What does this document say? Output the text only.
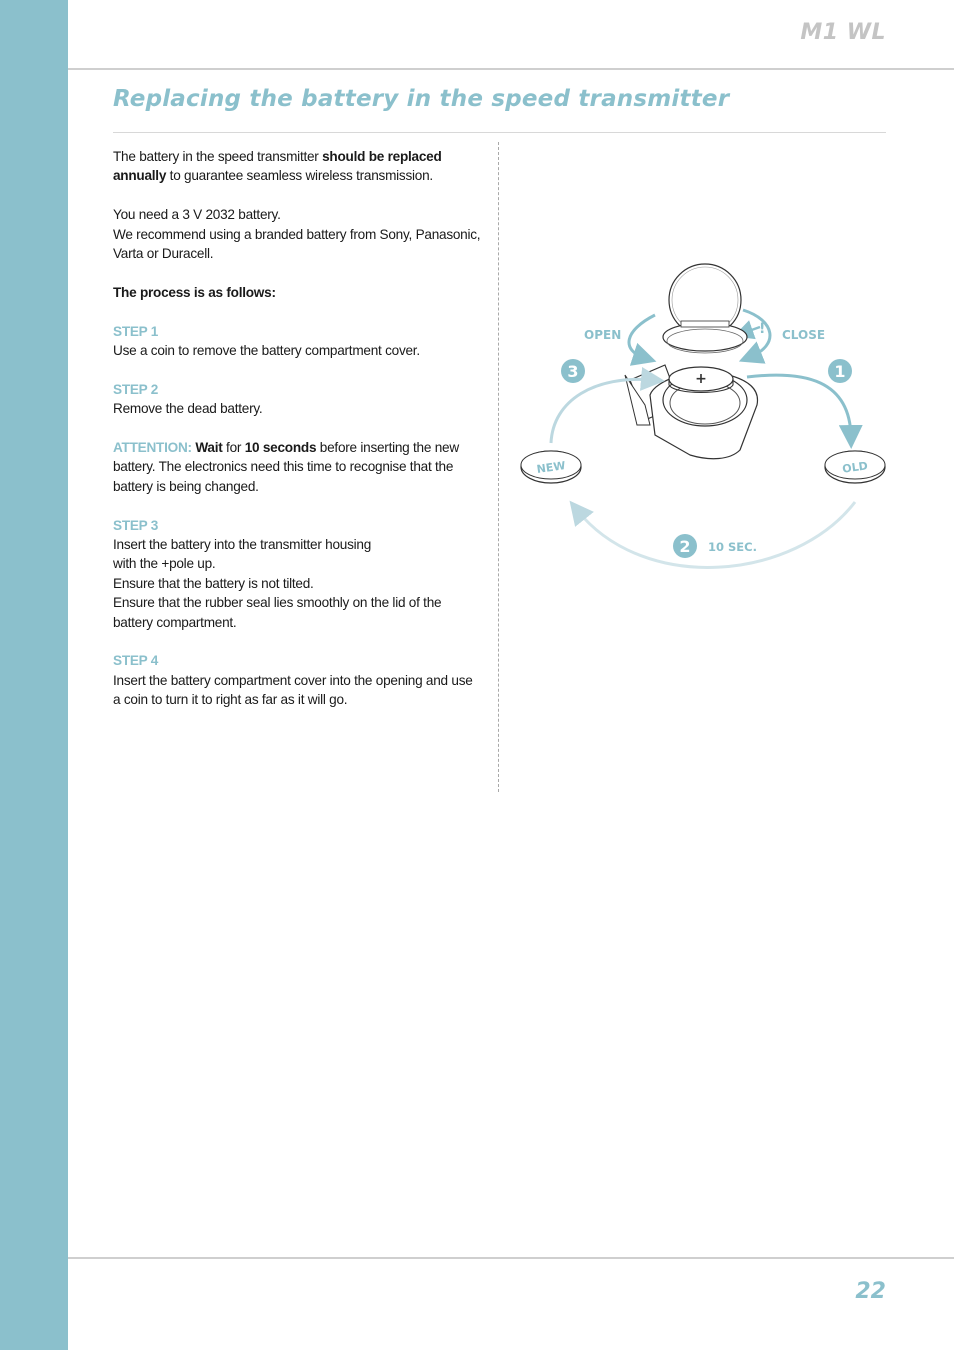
M1 WL
Replacing the battery in the speed transmitter

The battery in the speed transmitter should be replaced annually to guarantee seamless wireless transmission.

You need a 3 V 2032 battery.
We recommend using a branded battery from Sony, Panasonic, Varta or Duracell.

The process is as follows:

STEP 1
Use a coin to remove the battery compartment cover.

STEP 2
Remove the dead battery.

ATTENTION: Wait for 10 seconds before inserting the new battery. The electronics need this time to recognise that the battery is being changed.

STEP 3
Insert the battery into the transmitter housing
with the +pole up.
Ensure that the battery is not tilted.
Ensure that the rubber seal lies smoothly on the lid of the battery compartment.

STEP 4
Insert the battery compartment cover into the opening and use a coin to turn it to right as far as it will go.

!
+
NEW	OLD
OPEN	CLOSE
10 SEC.
1
2
3
22
